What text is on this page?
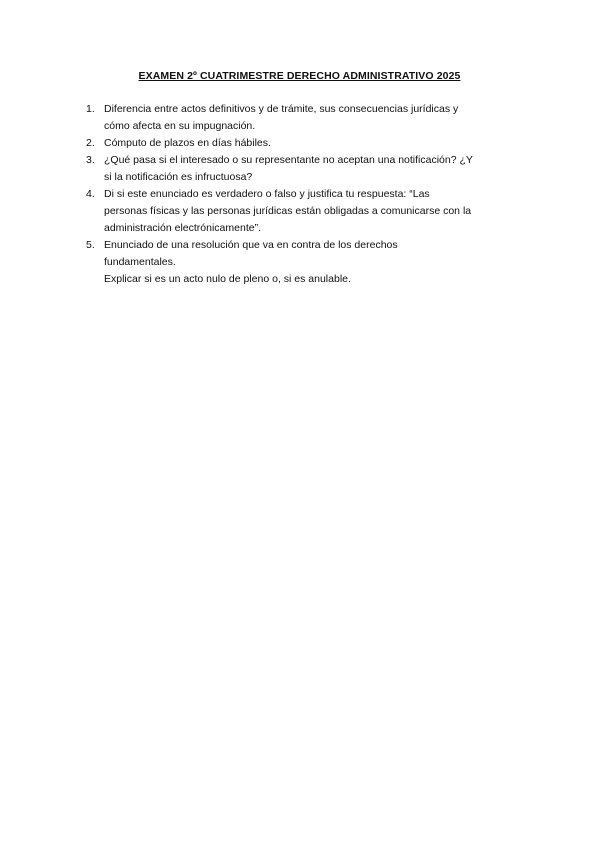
EXAMEN 2º CUATRIMESTRE DERECHO ADMINISTRATIVO 2025

1. Diferencia entre actos definitivos y de trámite, sus consecuencias jurídicas y
cómo afecta en su impugnación.
2. Cómputo de plazos en días hábiles.
3. ¿Qué pasa si el interesado o su representante no aceptan una notificación? ¿Y
si la notificación es infructuosa?
4. Di si este enunciado es verdadero o falso y justifica tu respuesta: “Las
personas físicas y las personas jurídicas están obligadas a comunicarse con la
administración electrónicamente”.
5. Enunciado de una resolución que va en contra de los derechos
fundamentales.
Explicar si es un acto nulo de pleno o, si es anulable.
